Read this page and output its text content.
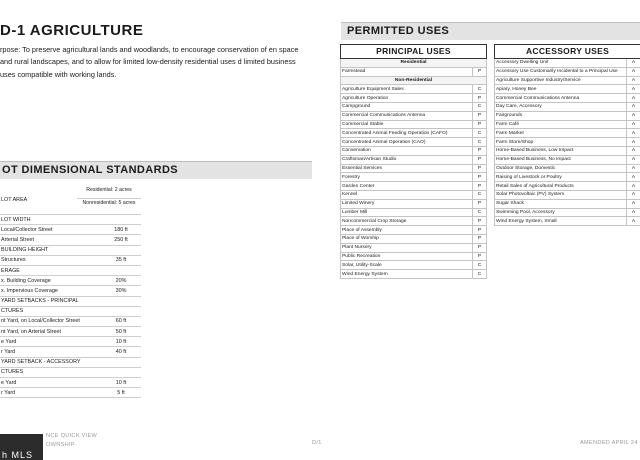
D-1 AGRICULTURE

rpose: To preserve agricultural lands and woodlands, to encourage conservation of en space and rural landscapes, and to allow for limited low-density residential uses d limited business uses compatible with working lands.

OT DIMENSIONAL STANDARDS
LOT AREA
Residential: 2 acres
Nonresidential: 5 acres
LOT WIDTH
Local/Collector Street	180 ft
Arterial Street	250 ft
BUILDING HEIGHT
Structures	35 ft
ERAGE
x. Building Coverage	20%
x. Impervious Coverage	30%
YARD SETBACKS - PRINCIPAL
CTURES
nt Yard, on Local/Collector Street	60 ft
nt Yard, on Arterial Street	50 ft
e Yard	10 ft
r Yard	40 ft
YARD SETBACK - ACCESSORY
CTURES
e Yard	10 ft
r Yard	5 ft
h MLS
NCE QUICK VIEW
OWNSHIP
PERMITTED USES
PRINCIPAL USES	
Residential	
Farmstead	P
Non-Residential	
Agriculture Equipment Sales	C
Agriculture Operation	P
Campground	C
Commercial Communications Antenna	P
Commercial Stable	P
Concentrated Animal Feeding Operation (CAFO)	C
Concentrated Animal Operation (CAO)	C
Conservation	P
Craftsman/Artisan Studio	P
Essential Services	P
Forestry	P
Garden Center	P
Kennel	C
Limited Winery	P
Lumber Mill	C
Noncommercial Crop Storage	P
Place of Assembly	P
Place of Worship	P
Plant Nursery	P
Public Recreation	P
Solar, Utility-Scale	C
Wind Energy System	C
ACCESSORY USES	
Accessory Dwelling Unit	A
Accessory Use Customarily Incidental to a Principal Use	A
Agriculture Supportive Industry/Service	A
Apiary, Honey Bee	A
Commercial Communications Antenna	A
Day Care, Accessory	A
Fairgrounds	A
Farm Café	A
Farm Market	A
Farm Store/Shop	A
Home-Based Business, Low Impact	A
Home-Based Business, No Impact	A
Outdoor Storage, Domestic	A
Raising of Livestock or Poultry	A
Retail Sales of Agricultural Products	A
Solar Photovoltaic (PV) System	A
Sugar Shack	A
Swimming Pool, Accessory	A
Wind Energy System, Small	A
D/1	AMENDED APRIL 24
